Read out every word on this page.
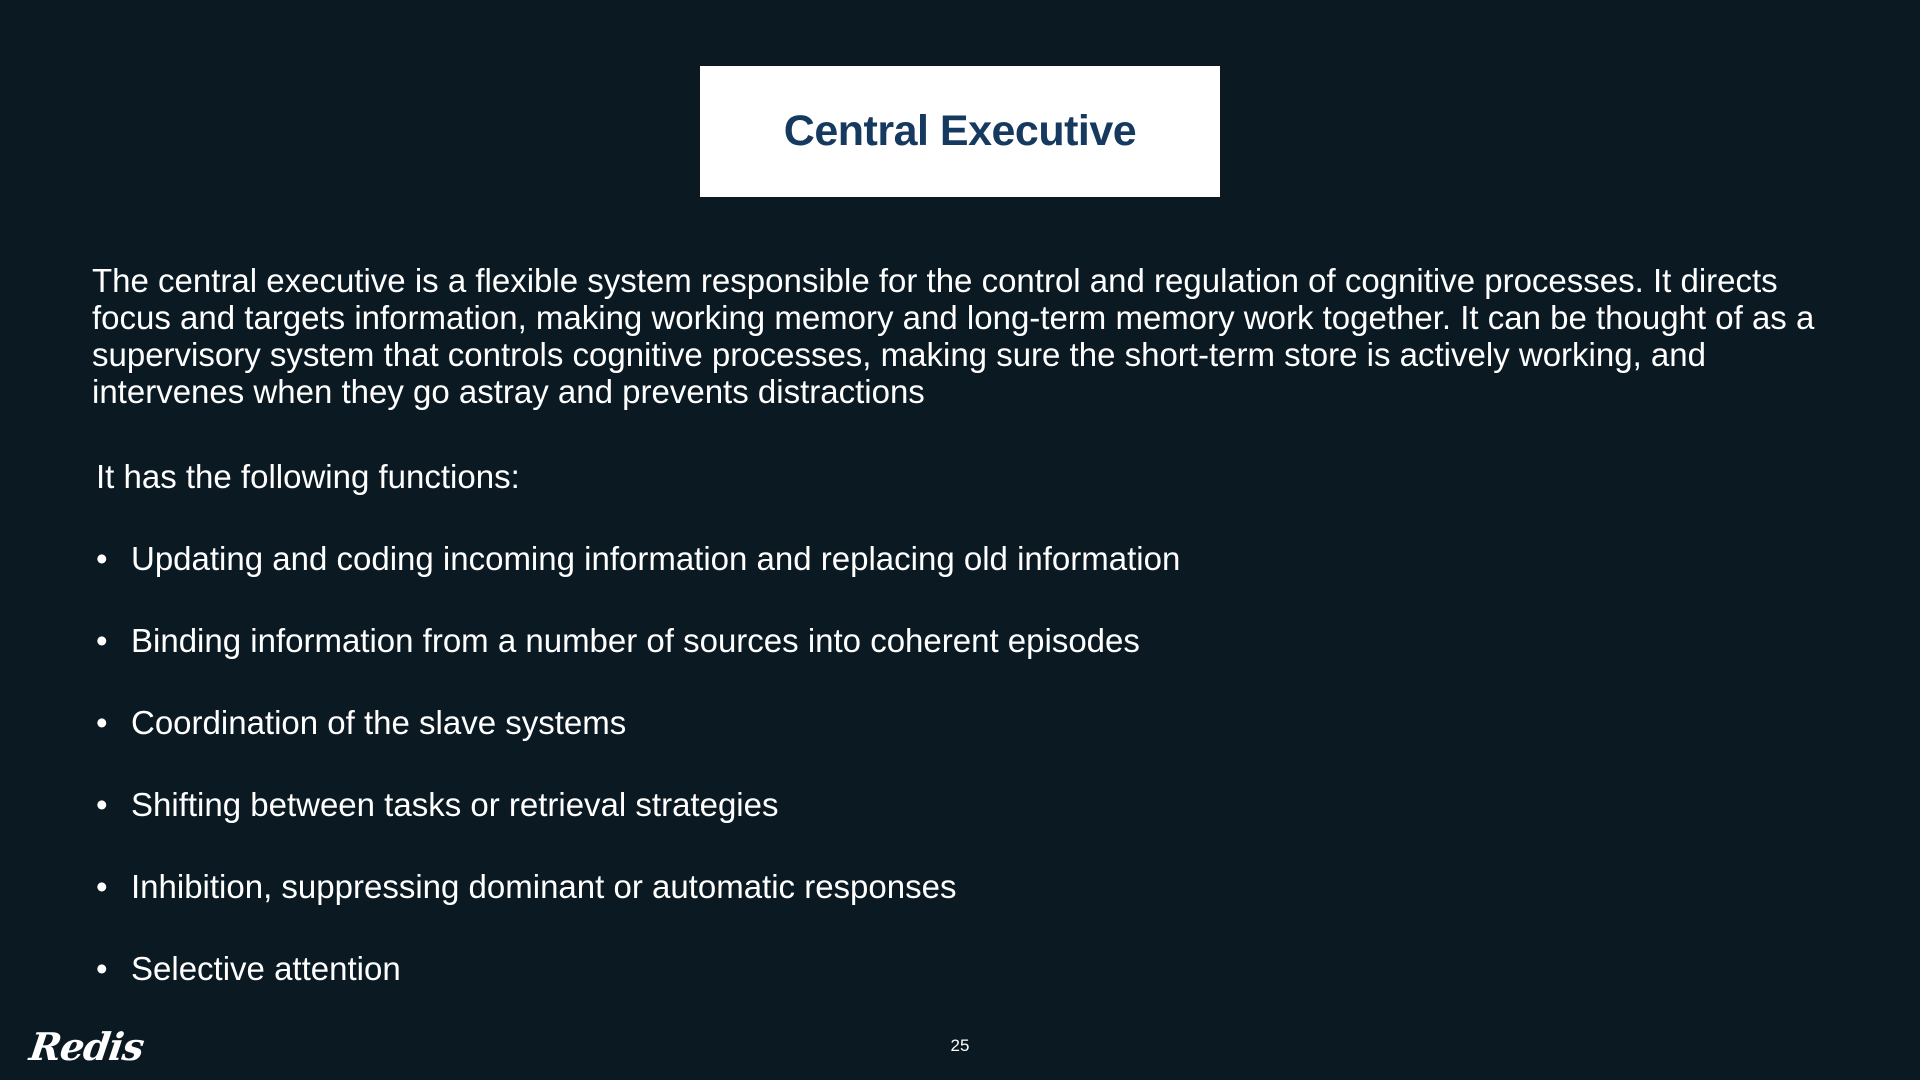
Central Executive

The central executive is a flexible system responsible for the control and regulation of cognitive processes. It directs focus and targets information, making working memory and long-term memory work together. It can be thought of as a supervisory system that controls cognitive processes, making sure the short-term store is actively working, and intervenes when they go astray and prevents distractions

It has the following functions:

• Updating and coding incoming information and replacing old information
• Binding information from a number of sources into coherent episodes
• Coordination of the slave systems
• Shifting between tasks or retrieval strategies
• Inhibition, suppressing dominant or automatic responses
• Selective attention
Redis	25
